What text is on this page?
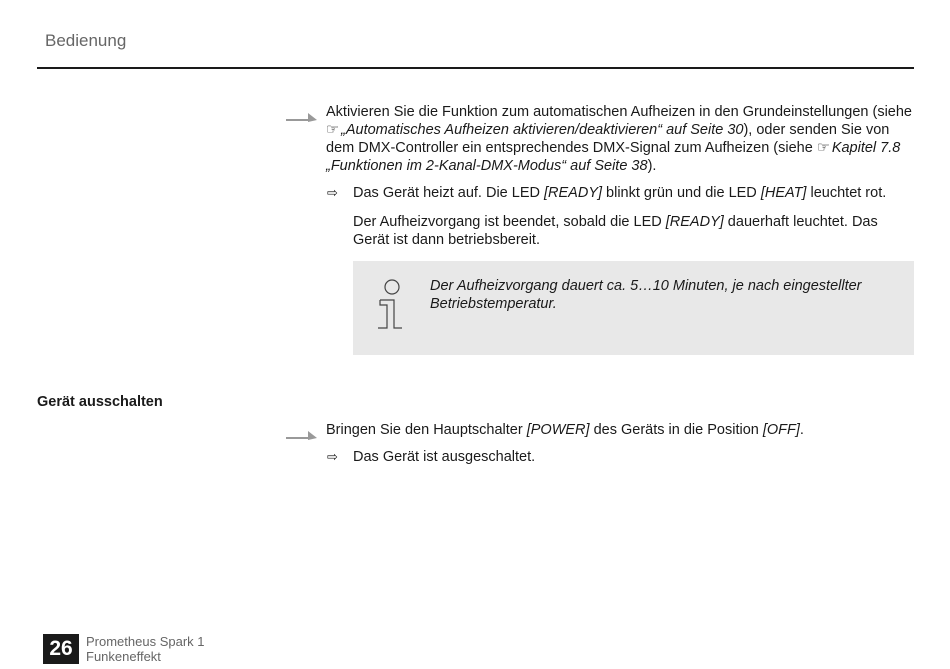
Bedienung
Aktivieren Sie die Funktion zum automatischen Aufheizen in den Grundeinstellungen (siehe ☞ „Automatisches Aufheizen aktivieren/deaktivieren“ auf Seite 30), oder senden Sie von dem DMX-Controller ein entsprechendes DMX-Signal zum Aufheizen (siehe ☞ Kapitel 7.8 „Funktionen im 2-Kanal-DMX-Modus“ auf Seite 38).
⇨ Das Gerät heizt auf. Die LED [READY] blinkt grün und die LED [HEAT] leuchtet rot.
Der Aufheizvorgang ist beendet, sobald die LED [READY] dauerhaft leuchtet. Das Gerät ist dann betriebsbereit.
Der Aufheizvorgang dauert ca. 5…10 Minuten, je nach eingestellter Betriebstemperatur.
Gerät ausschalten
Bringen Sie den Hauptschalter [POWER] des Geräts in die Position [OFF].
⇨ Das Gerät ist ausgeschaltet.
26	Prometheus Spark 1
Funkeneffekt
